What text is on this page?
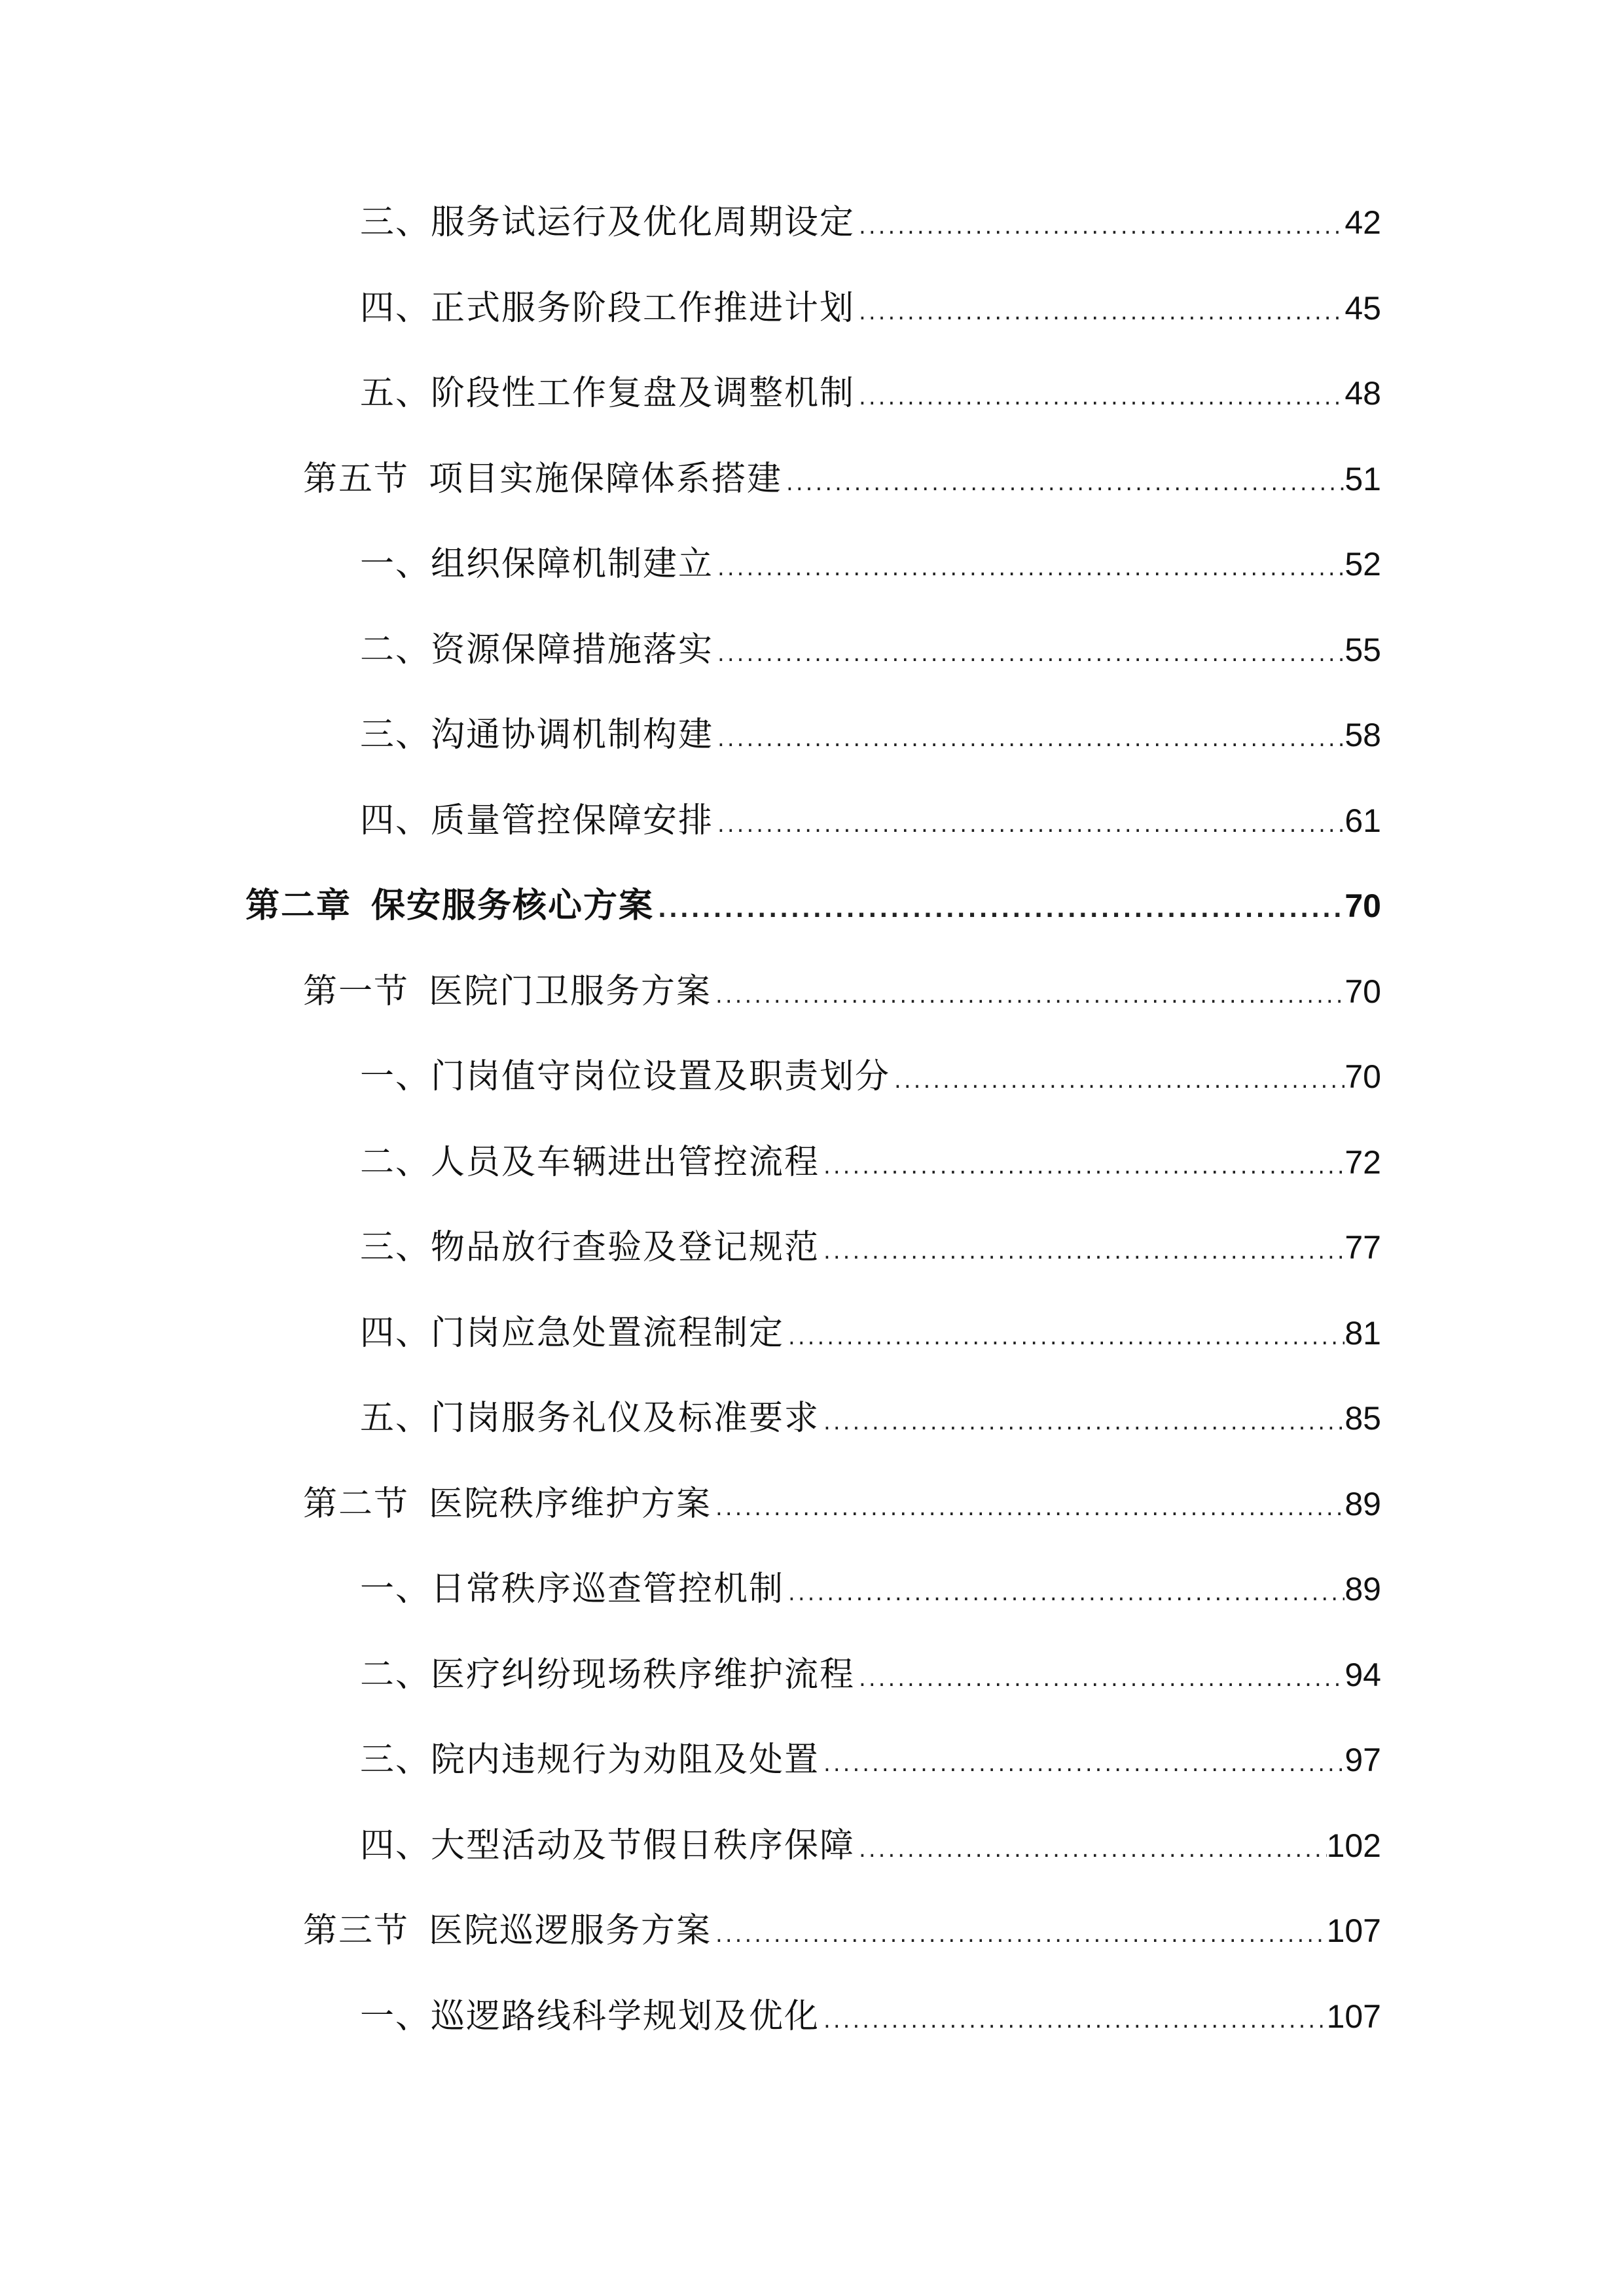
三、服务试运行及优化周期设定 .....	42
四、正式服务阶段工作推进计划 .....	45
五、阶段性工作复盘及调整机制 .....	48
第五节 项目实施保障体系搭建 .....	51
一、组织保障机制建立 .....	52
二、资源保障措施落实 .....	55
三、沟通协调机制构建 .....	58
四、质量管控保障安排 .....	61
第二章 保安服务核心方案 .....	70
第一节 医院门卫服务方案 .....	70
一、门岗值守岗位设置及职责划分 .....	70
二、人员及车辆进出管控流程 .....	72
三、物品放行查验及登记规范 .....	77
四、门岗应急处置流程制定 .....	81
五、门岗服务礼仪及标准要求 .....	85
第二节 医院秩序维护方案 .....	89
一、日常秩序巡查管控机制 .....	89
二、医疗纠纷现场秩序维护流程 .....	94
三、院内违规行为劝阻及处置 .....	97
四、大型活动及节假日秩序保障 .....	102
第三节 医院巡逻服务方案 .....	107
一、巡逻路线科学规划及优化 .....	107
